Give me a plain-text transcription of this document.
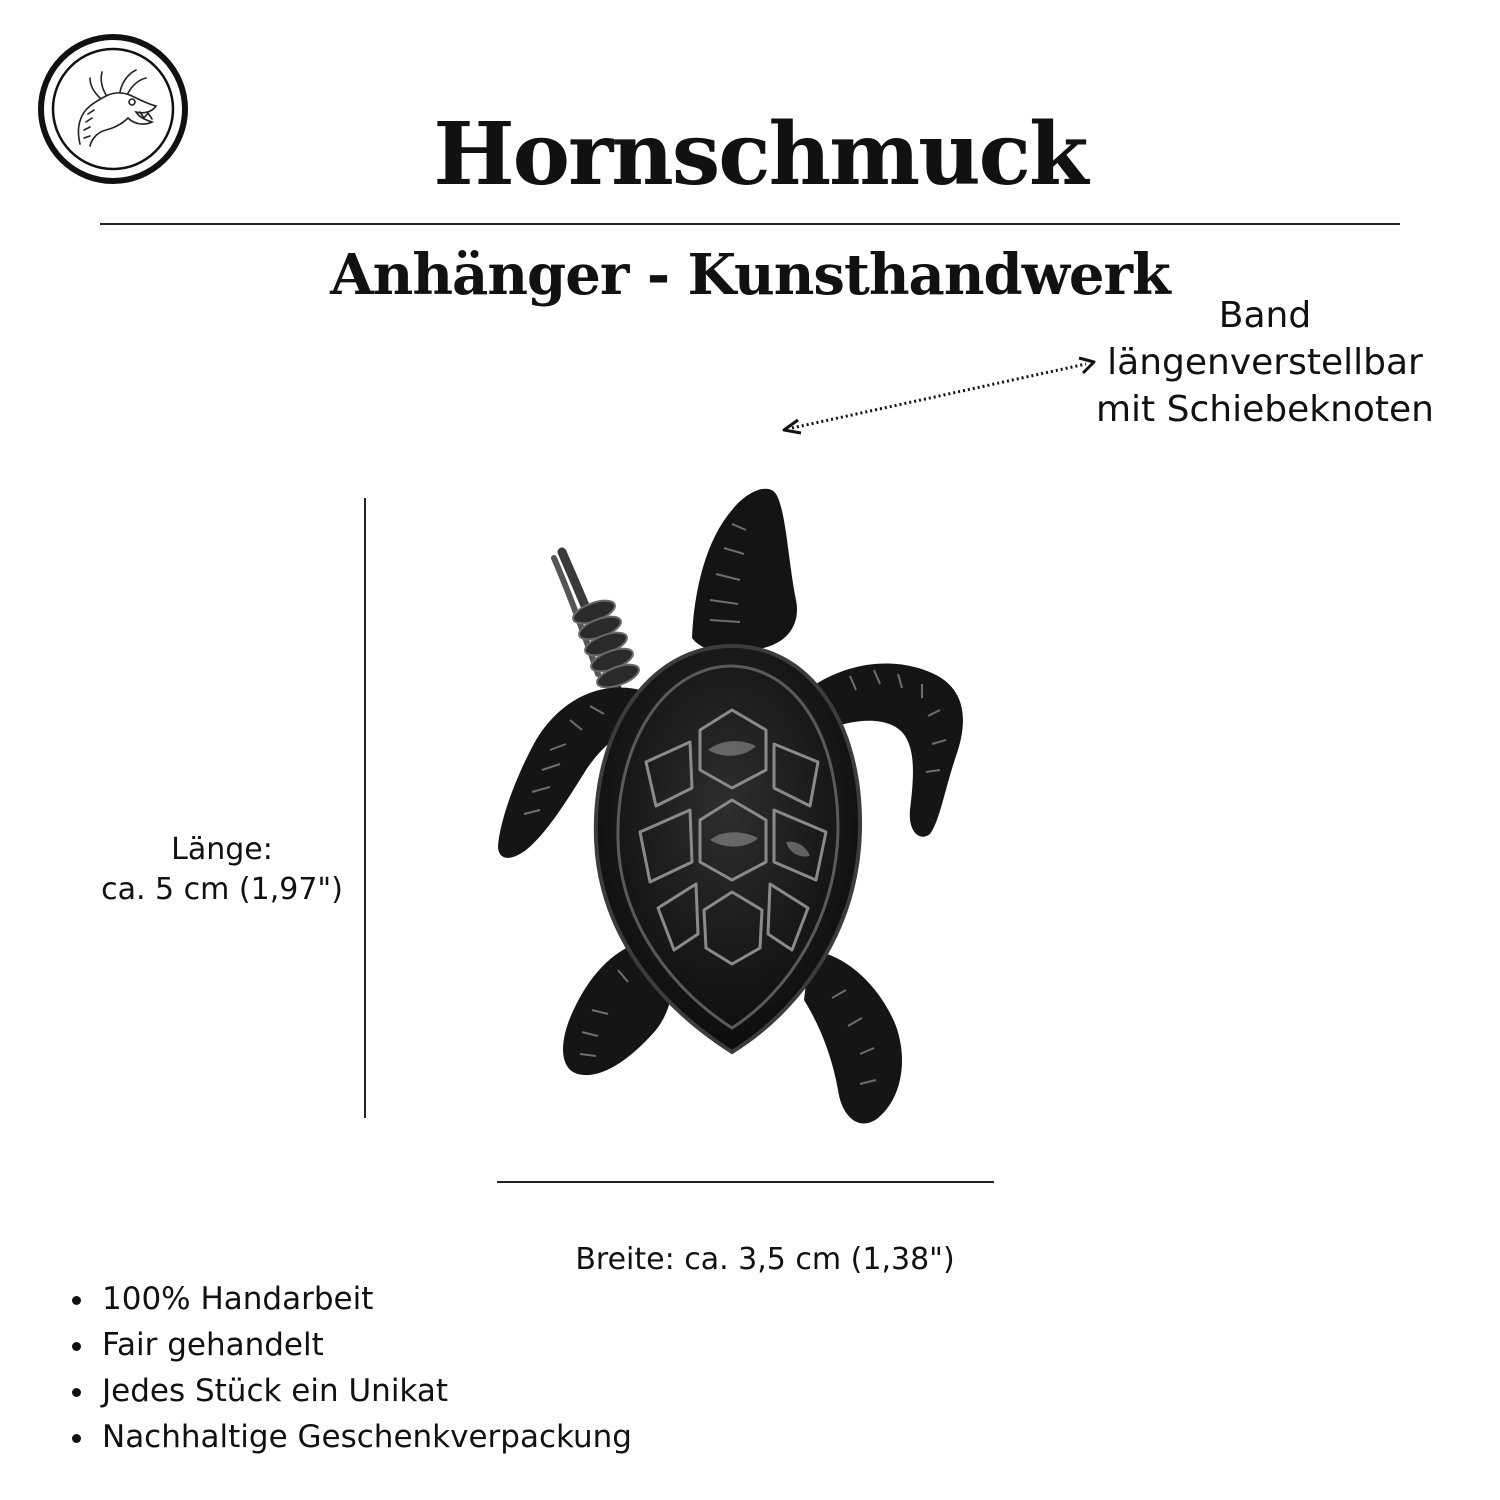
Hornschmuck
Anhänger - Kunsthandwerk
Band
längenverstellbar
mit Schiebeknoten
Länge:
ca. 5 cm (1,97")
Breite: ca. 3,5 cm (1,38")
100% Handarbeit
Fair gehandelt
Jedes Stück ein Unikat
Nachhaltige Geschenkverpackung
